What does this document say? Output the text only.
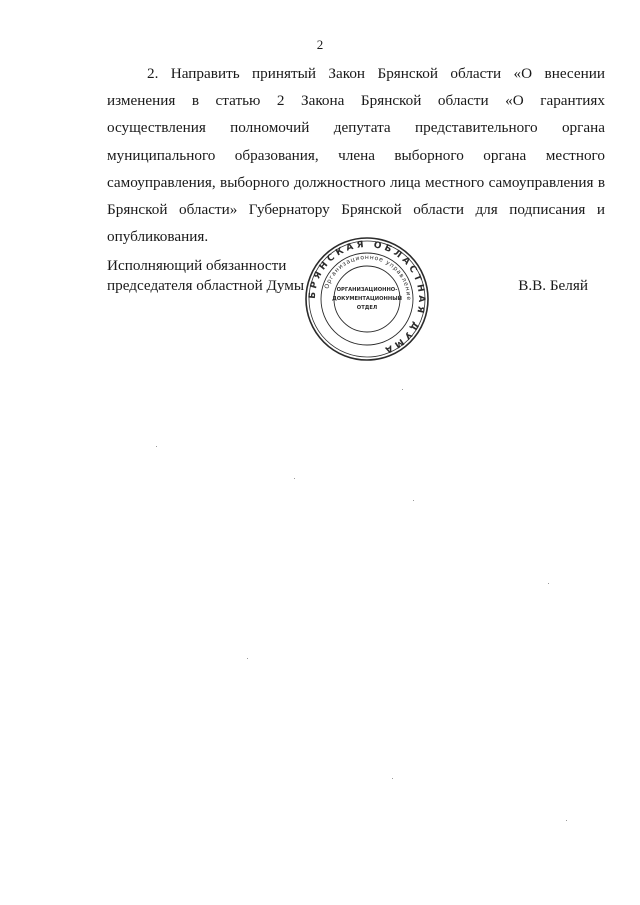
2

2. Направить принятый Закон Брянской области «О внесении изменения в статью 2 Закона Брянской области «О гарантиях осуществления полномочий депутата представительного органа муниципального образования, члена выборного органа местного самоуправления, выборного должностного лица местного самоуправления в Брянской области» Губернатору Брянской области для подписания и опубликования.

Исполняющий обязанности
председателя областной Думы	В.В. Беляй
БРЯНСКАЯ ОБЛАСТНАЯ ДУМА
Организационное управление
ОРГАНИЗАЦИОННО-
ДОКУМЕНТАЦИОННЫЙ
ОТДЕЛ
